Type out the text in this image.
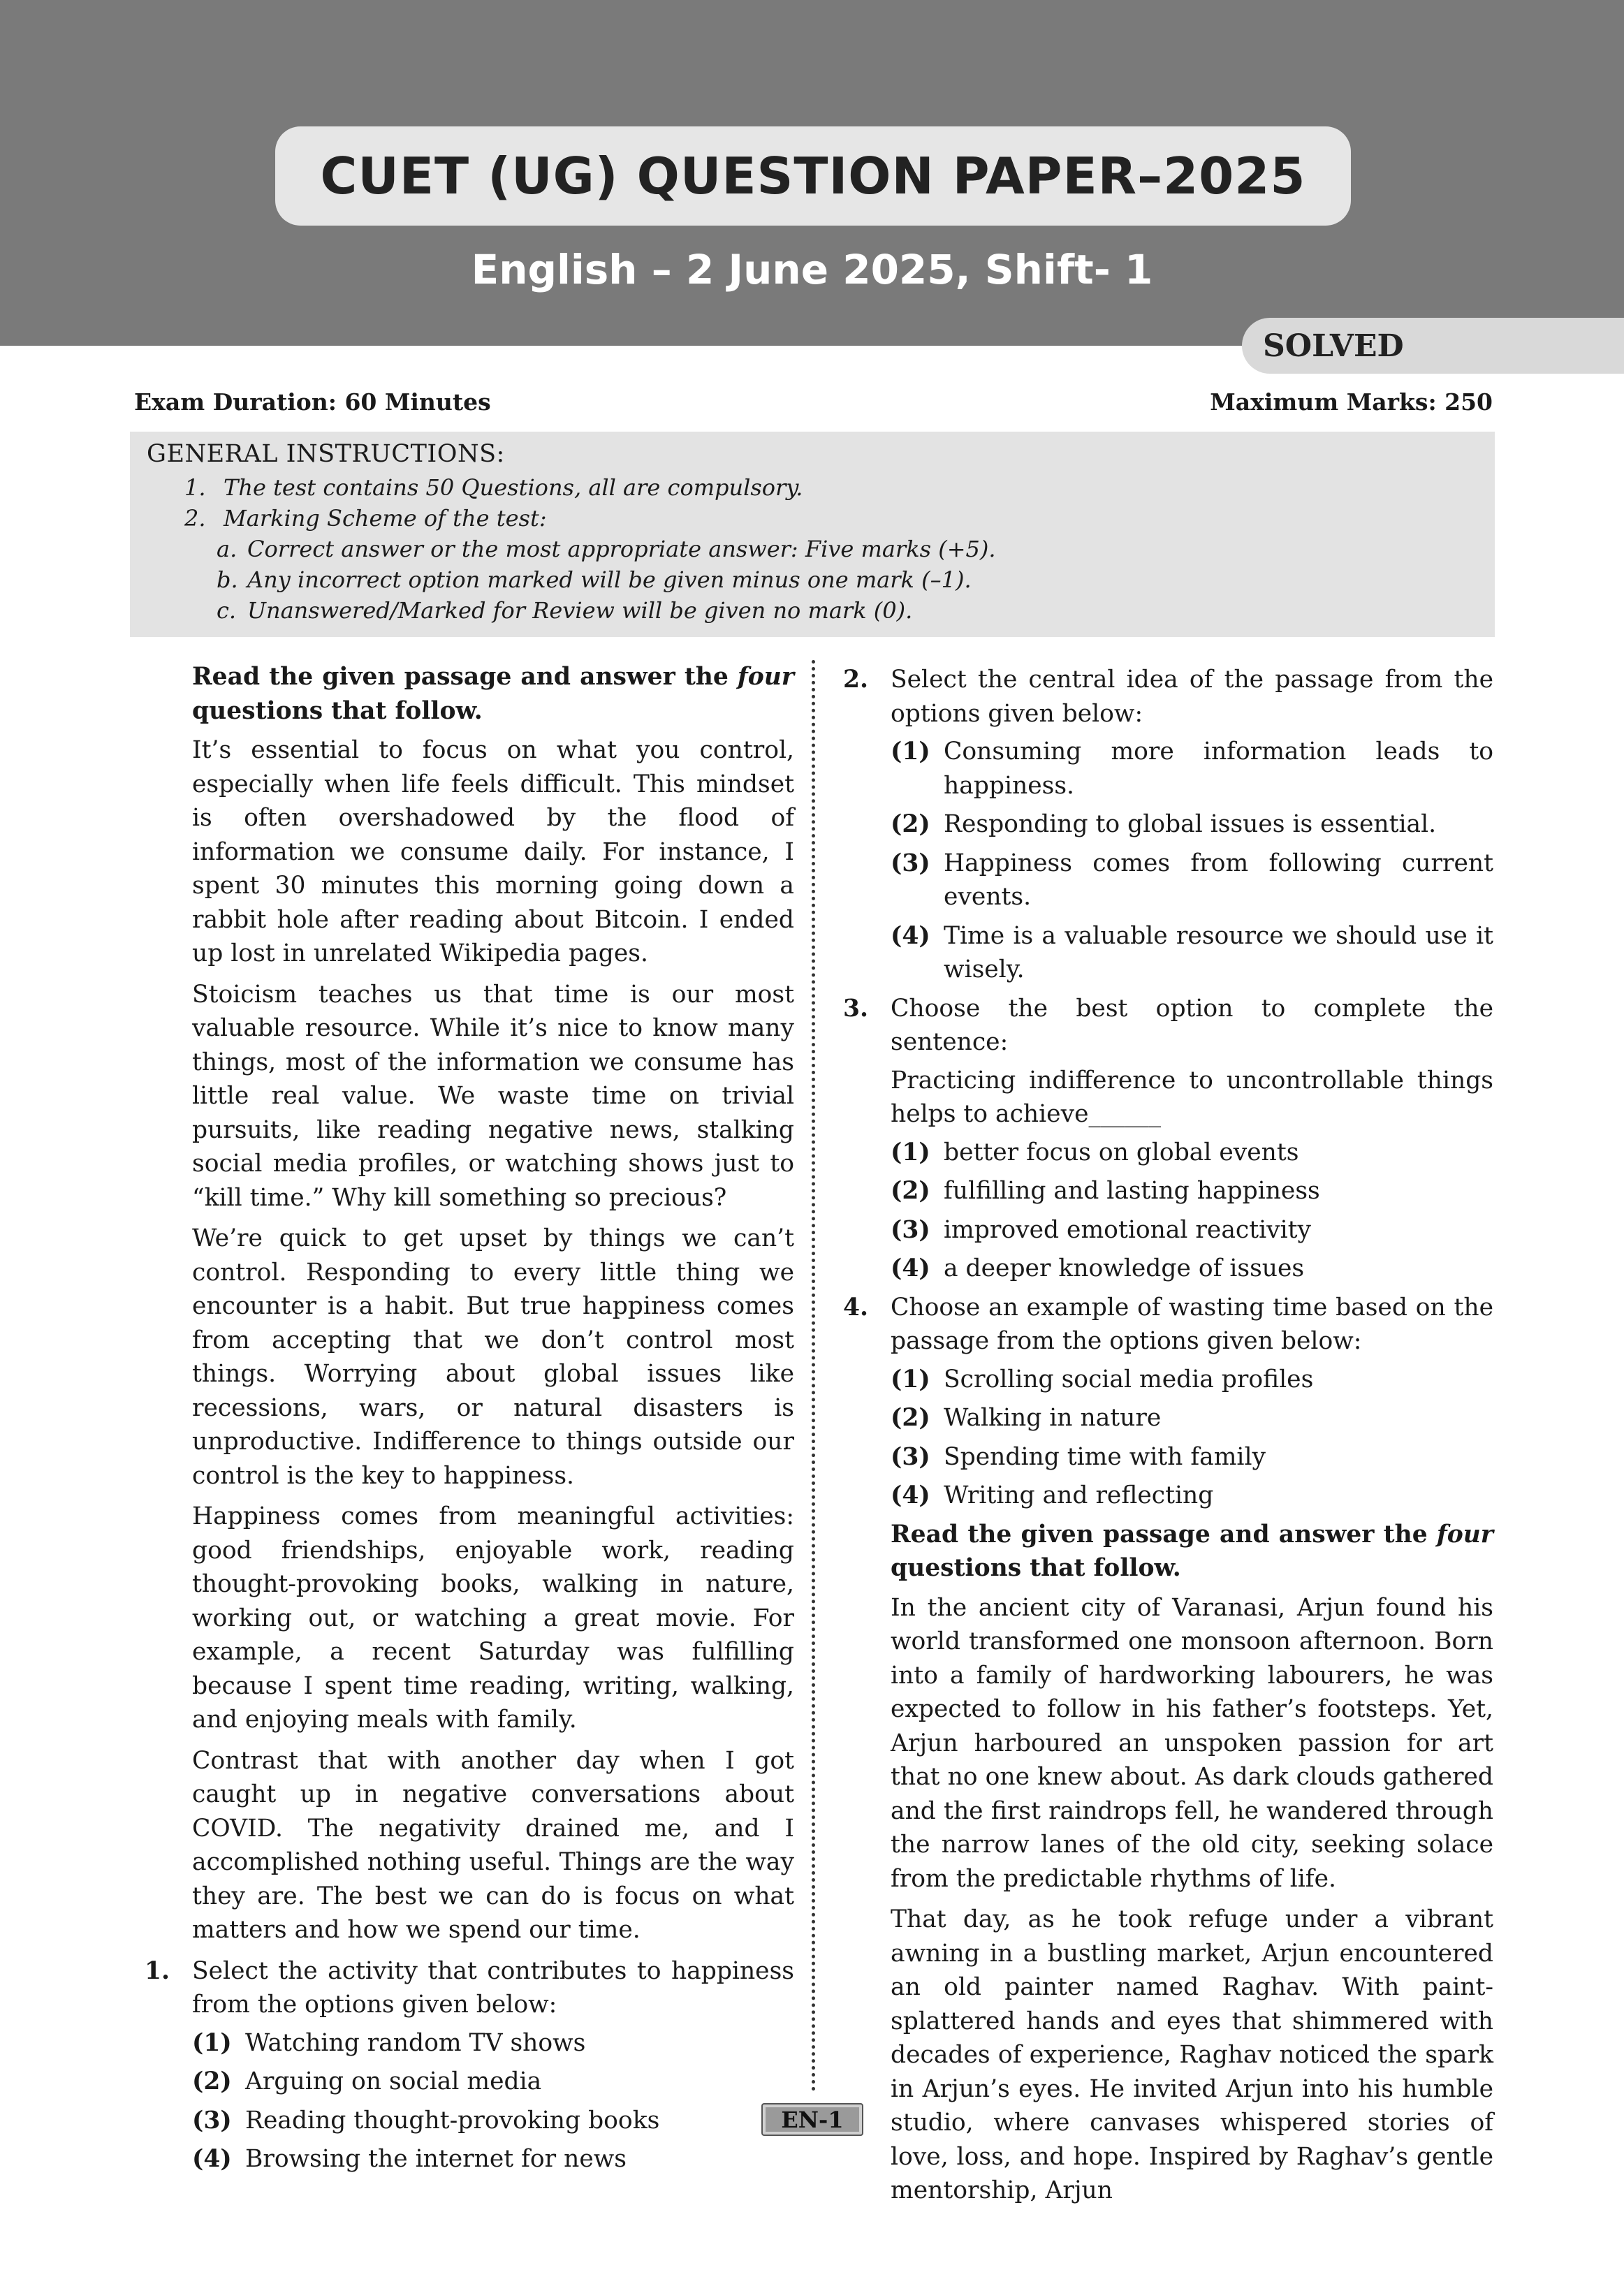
CUET (UG) QUESTION PAPER–2025
English – 2 June 2025, Shift- 1
SOLVED
Exam Duration: 60 Minutes	Maximum Marks: 250
GENERAL INSTRUCTIONS:
1. The test contains 50 Questions, all are compulsory.
2. Marking Scheme of the test:
a. Correct answer or the most appropriate answer: Five marks (+5).
b. Any incorrect option marked will be given minus one mark (–1).
c. Unanswered/Marked for Review will be given no mark (0).
Read the given passage and answer the four questions that follow.

It’s essential to focus on what you control, especially when life feels difficult. This mindset is often overshadowed by the flood of information we consume daily. For instance, I spent 30 minutes this morning going down a rabbit hole after reading about Bitcoin. I ended up lost in unrelated Wikipedia pages.

Stoicism teaches us that time is our most valuable resource. While it’s nice to know many things, most of the information we consume has little real value. We waste time on trivial pursuits, like reading negative news, stalking social media profiles, or watching shows just to “kill time.” Why kill something so precious?

We’re quick to get upset by things we can’t control. Responding to every little thing we encounter is a habit. But true happiness comes from accepting that we don’t control most things. Worrying about global issues like recessions, wars, or natural disasters is unproductive. Indifference to things outside our control is the key to happiness.

Happiness comes from meaningful activities: good friendships, enjoyable work, reading thought-provoking books, walking in nature, working out, or watching a great movie. For example, a recent Saturday was fulfilling because I spent time reading, writing, walking, and enjoying meals with family.

Contrast that with another day when I got caught up in negative conversations about COVID. The negativity drained me, and I accomplished nothing useful. Things are the way they are. The best we can do is focus on what matters and how we spend our time.

1. Select the activity that contributes to happiness from the options given below:
(1) Watching random TV shows
(2) Arguing on social media
(3) Reading thought-provoking books
(4) Browsing the internet for news
2. Select the central idea of the passage from the options given below:
(1) Consuming more information leads to happiness.
(2) Responding to global issues is essential.
(3) Happiness comes from following current events.
(4) Time is a valuable resource we should use it wisely.
3. Choose the best option to complete the sentence:
Practicing indifference to uncontrollable things helps to achieve______
(1) better focus on global events
(2) fulfilling and lasting happiness
(3) improved emotional reactivity
(4) a deeper knowledge of issues
4. Choose an example of wasting time based on the passage from the options given below:
(1) Scrolling social media profiles
(2) Walking in nature
(3) Spending time with family
(4) Writing and reflecting
Read the given passage and answer the four questions that follow.

In the ancient city of Varanasi, Arjun found his world transformed one monsoon afternoon. Born into a family of hardworking labourers, he was expected to follow in his father’s footsteps. Yet, Arjun harboured an unspoken passion for art that no one knew about. As dark clouds gathered and the first raindrops fell, he wandered through the narrow lanes of the old city, seeking solace from the predictable rhythms of life.

That day, as he took refuge under a vibrant awning in a bustling market, Arjun encountered an old painter named Raghav. With paint-splattered hands and eyes that shimmered with decades of experience, Raghav noticed the spark in Arjun’s eyes. He invited Arjun into his humble studio, where canvases whispered stories of love, loss, and hope. Inspired by Raghav’s gentle mentorship, Arjun

EN-1
